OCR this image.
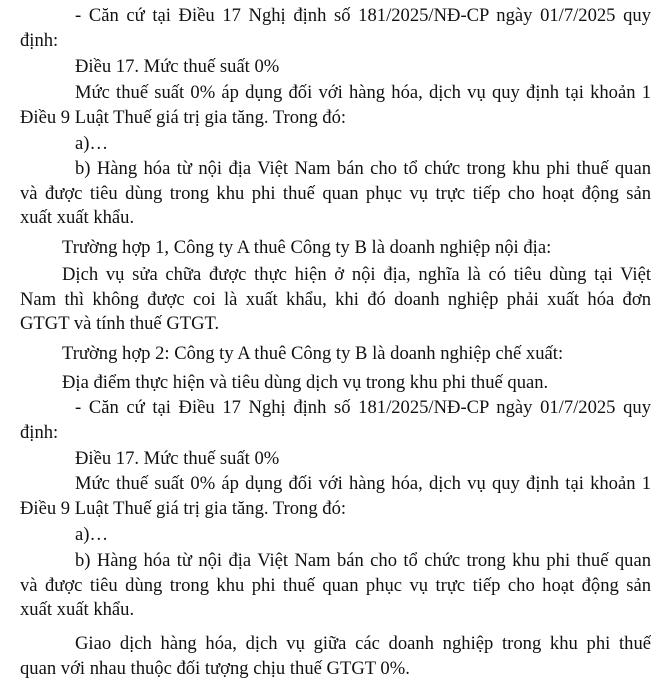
- Căn cứ tại Điều 17 Nghị định số 181/2025/NĐ-CP ngày 01/7/2025 quy
định:
Điều 17. Mức thuế suất 0%
Mức thuế suất 0% áp dụng đối với hàng hóa, dịch vụ quy định tại khoản 1
Điều 9 Luật Thuế giá trị gia tăng. Trong đó:
a)…
b) Hàng hóa từ nội địa Việt Nam bán cho tổ chức trong khu phi thuế quan
và được tiêu dùng trong khu phi thuế quan phục vụ trực tiếp cho hoạt động sản
xuất xuất khẩu.
Trường hợp 1, Công ty A thuê Công ty B là doanh nghiệp nội địa:
Dịch vụ sửa chữa được thực hiện ở nội địa, nghĩa là có tiêu dùng tại Việt
Nam thì không được coi là xuất khẩu, khi đó doanh nghiệp phải xuất hóa đơn
GTGT và tính thuế GTGT.
Trường hợp 2: Công ty A thuê Công ty B là doanh nghiệp chế xuất:
Địa điểm thực hiện và tiêu dùng dịch vụ trong khu phi thuế quan.
- Căn cứ tại Điều 17 Nghị định số 181/2025/NĐ-CP ngày 01/7/2025 quy
định:
Điều 17. Mức thuế suất 0%
Mức thuế suất 0% áp dụng đối với hàng hóa, dịch vụ quy định tại khoản 1
Điều 9 Luật Thuế giá trị gia tăng. Trong đó:
a)…
b) Hàng hóa từ nội địa Việt Nam bán cho tổ chức trong khu phi thuế quan
và được tiêu dùng trong khu phi thuế quan phục vụ trực tiếp cho hoạt động sản
xuất xuất khẩu.
Giao dịch hàng hóa, dịch vụ giữa các doanh nghiệp trong khu phi thuế
quan với nhau thuộc đối tượng chịu thuế GTGT 0%.
